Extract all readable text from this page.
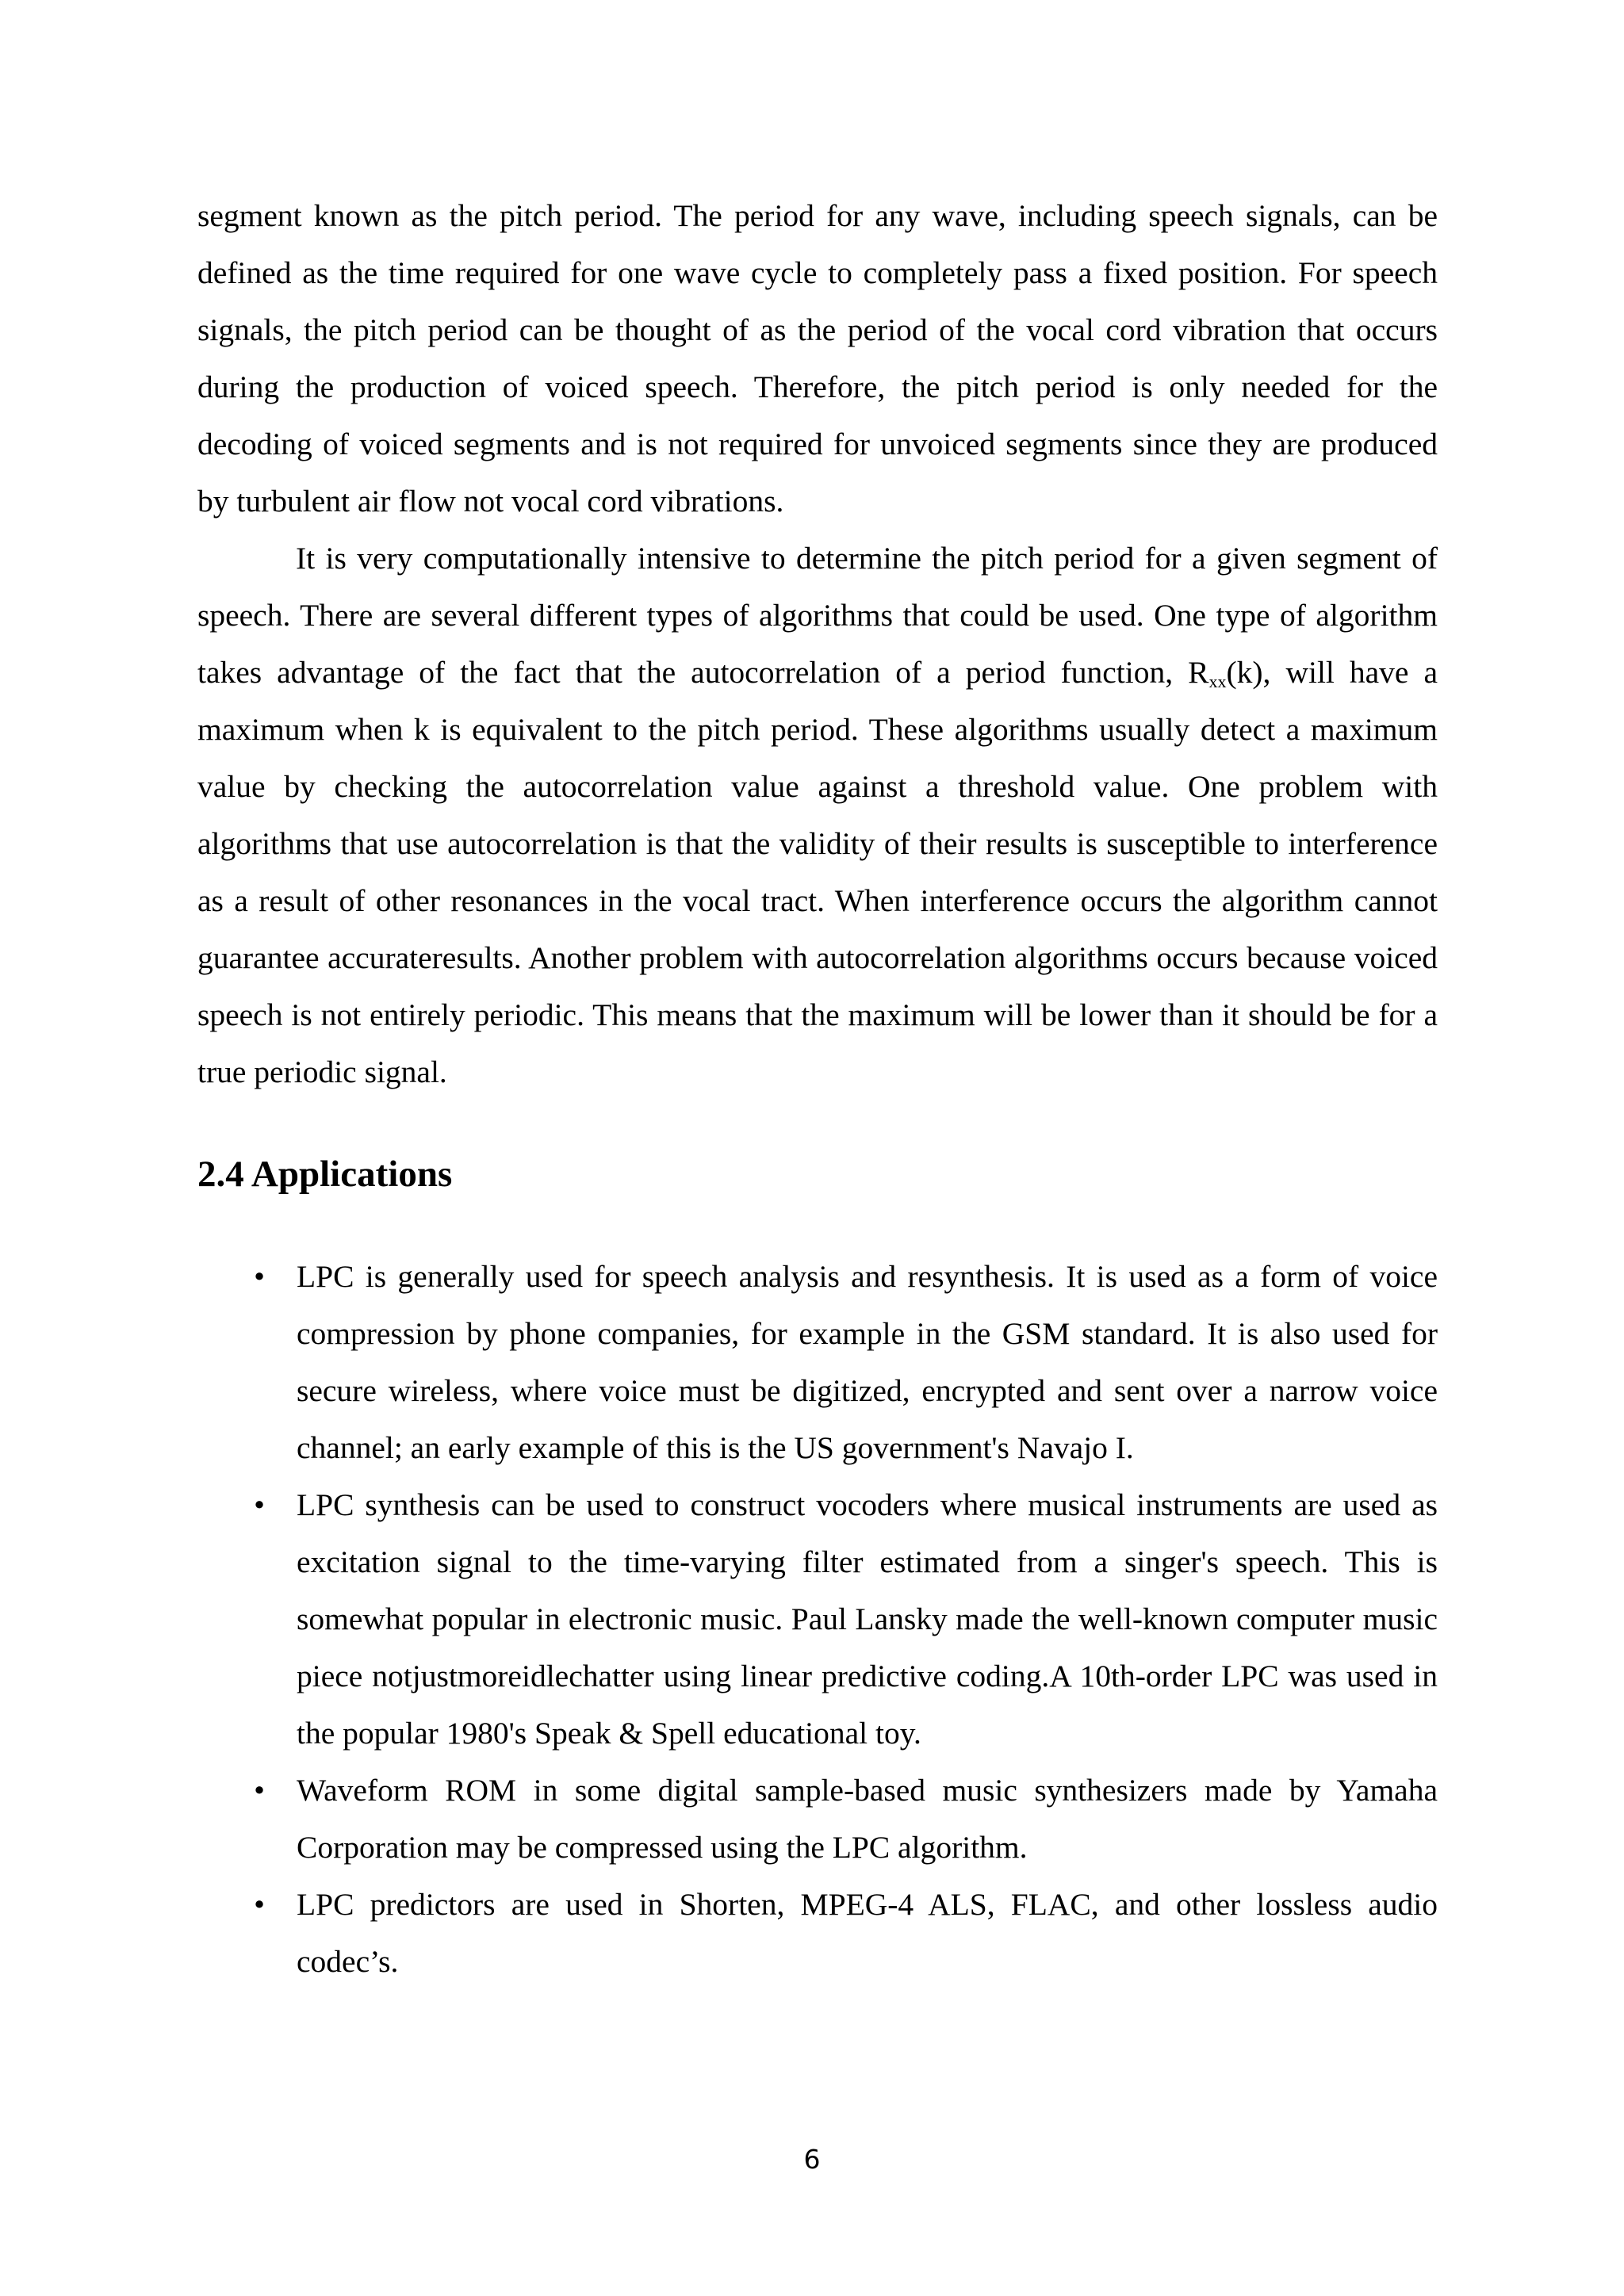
segment known as the pitch period. The period for any wave, including speech signals, can be defined as the time required for one wave cycle to completely pass a fixed position. For speech signals, the pitch period can be thought of as the period of the vocal cord vibration that occurs during the production of voiced speech. Therefore, the pitch period is only needed for the decoding of voiced segments and is not required for unvoiced segments since they are produced by turbulent air flow not vocal cord vibrations.

It is very computationally intensive to determine the pitch period for a given segment of speech. There are several different types of algorithms that could be used. One type of algorithm takes advantage of the fact that the autocorrelation of a period function, $R_{xx}(k)$, will have a maximum when k is equivalent to the pitch period. These algorithms usually detect a maximum value by checking the autocorrelation value against a threshold value. One problem with algorithms that use autocorrelation is that the validity of their results is susceptible to interference as a result of other resonances in the vocal tract. When interference occurs the algorithm cannot guarantee accurateresults. Another problem with autocorrelation algorithms occurs because voiced speech is not entirely periodic. This means that the maximum will be lower than it should be for a true periodic signal.

2.4 Applications
• LPC is generally used for speech analysis and resynthesis. It is used as a form of voice compression by phone companies, for example in the GSM standard. It is also used for secure wireless, where voice must be digitized, encrypted and sent over a narrow voice channel; an early example of this is the US government's Navajo I.
• LPC synthesis can be used to construct vocoders where musical instruments are used as excitation signal to the time-varying filter estimated from a singer's speech. This is somewhat popular in electronic music. Paul Lansky made the well-known computer music piece notjustmoreidlechatter using linear predictive coding.A 10th-order LPC was used in the popular 1980's Speak & Spell educational toy.
• Waveform ROM in some digital sample-based music synthesizers made by Yamaha Corporation may be compressed using the LPC algorithm.
• LPC predictors are used in Shorten, MPEG-4 ALS, FLAC, and other lossless audio codec’s.
6
